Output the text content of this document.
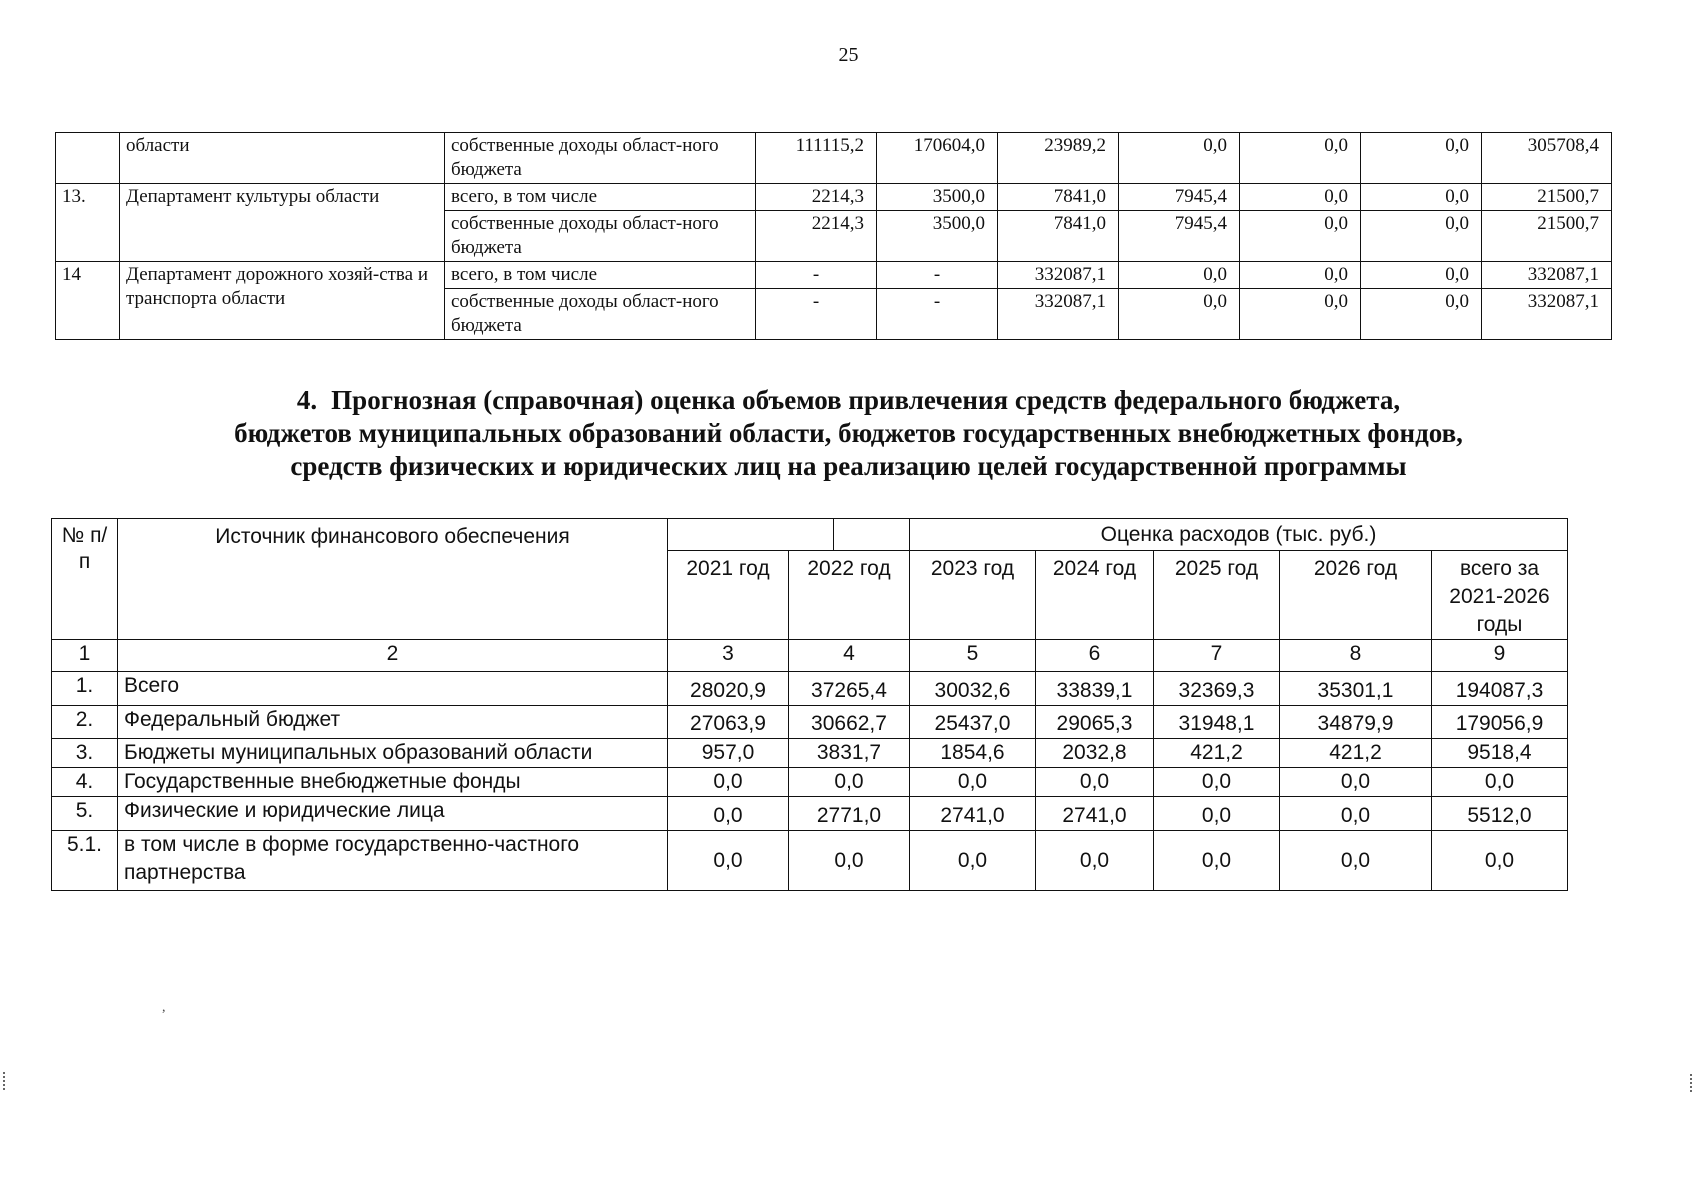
25
	области	собственные доходы област-ного бюджета	111115,2	170604,0	23989,2	0,0	0,0	0,0	305708,4
13.	Департамент культуры области	всего, в том числе	2214,3	3500,0	7841,0	7945,4	0,0	0,0	21500,7
		собственные доходы област-ного бюджета	2214,3	3500,0	7841,0	7945,4	0,0	0,0	21500,7
14	Департамент дорожного хозяй-ства и транспорта области	всего, в том числе	-	-	332087,1	0,0	0,0	0,0	332087,1
		собственные доходы област-ного бюджета	-	-	332087,1	0,0	0,0	0,0	332087,1
4. Прогнозная (справочная) оценка объемов привлечения средств федерального бюджета,
бюджетов муниципальных образований области, бюджетов государственных внебюджетных фондов,
средств физических и юридических лиц на реализацию целей государственной программы
№ п/п	Источник финансового обеспечения			Оценка расходов (тыс. руб.)				
		2021 год	2022 год	2023 год	2024 год	2025 год	2026 год	всего за 2021-2026 годы
1	2	3	4	5	6	7	8	9
1.	Всего	28020,9	37265,4	30032,6	33839,1	32369,3	35301,1	194087,3
2.	Федеральный бюджет	27063,9	30662,7	25437,0	29065,3	31948,1	34879,9	179056,9
3.	Бюджеты муниципальных образований области	957,0	3831,7	1854,6	2032,8	421,2	421,2	9518,4
4.	Государственные внебюджетные фонды	0,0	0,0	0,0	0,0	0,0	0,0	0,0
5.	Физические и юридические лица	0,0	2771,0	2741,0	2741,0	0,0	0,0	5512,0
5.1.	в том числе в форме государственно-частного партнерства	0,0	0,0	0,0	0,0	0,0	0,0	0,0
,
